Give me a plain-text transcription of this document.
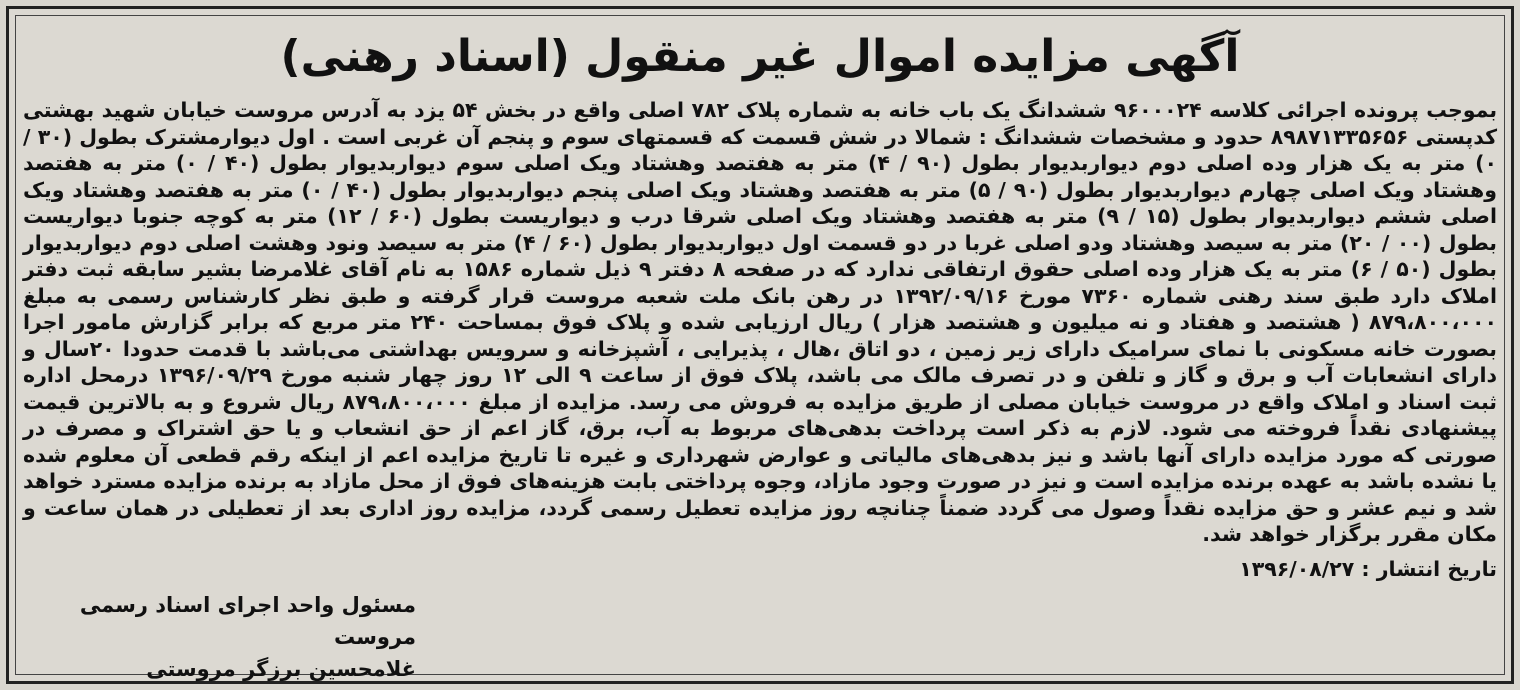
آگهی مزایده اموال غیر منقول (اسناد رهنی)
بموجب پرونده اجرائی کلاسه ۹۶۰۰۰۲۴ ششدانگ یک باب خانه به شماره پلاک ۷۸۲ اصلی واقع در بخش ۵۴ یزد به آدرس مروست خیابان شهید بهشتی کدپستی ۸۹۸۷۱۳۳۵۶۵۶ حدود و مشخصات ششدانگ : شمالا در شش قسمت که قسمتهای سوم و پنجم آن غربی است . اول دیوارمشترک بطول (۳۰ / ۰) متر به یک هزار وده اصلی دوم دیواربدیوار بطول (۹۰ / ۴) متر به هفتصد وهشتاد ویک اصلی سوم دیواربدیوار بطول (۴۰ / ۰) متر به هفتصد وهشتاد ویک اصلی چهارم دیواربدیوار بطول (۹۰ / ۵) متر به هفتصد وهشتاد ویک اصلی پنجم دیواربدیوار بطول (۴۰ / ۰) متر به هفتصد وهشتاد ویک اصلی ششم دیواربدیوار بطول (۱۵ / ۹) متر به هفتصد وهشتاد ویک اصلی شرقا درب و دیواریست بطول (۶۰ / ۱۲) متر به کوچه جنوبا دیواریست بطول (۰۰ / ۲۰) متر به سیصد وهشتاد ودو اصلی غربا در دو قسمت اول دیواربدیوار بطول (۶۰ / ۴) متر به سیصد ونود وهشت اصلی دوم دیواربدیوار بطول (۵۰ / ۶) متر به یک هزار وده اصلی حقوق ارتفاقی ندارد که در صفحه ۸ دفتر ۹ ذیل شماره ۱۵۸۶ به نام آقای غلامرضا بشیر سابقه ثبت دفتر املاک دارد طبق سند رهنی شماره ۷۳۶۰ مورخ ۱۳۹۲/۰۹/۱۶ در رهن بانک ملت شعبه مروست قرار گرفته و طبق نظر کارشناس رسمی به مبلغ ۸۷۹،۸۰۰،۰۰۰ ( هشتصد و هفتاد و نه میلیون و هشتصد هزار ) ریال ارزیابی شده و پلاک فوق بمساحت ۲۴۰ متر مربع که برابر گزارش مامور اجرا بصورت خانه مسکونی با نمای سرامیک دارای زیر زمین ، دو اتاق ،هال ، پذیرایی ، آشپزخانه و سرویس بهداشتی می‌باشد با قدمت حدودا ۲۰سال و دارای انشعابات آب و برق و گاز و تلفن و در تصرف مالک می باشد، پلاک فوق از ساعت ۹ الی ۱۲ روز چهار شنبه مورخ ۱۳۹۶/۰۹/۲۹ درمحل اداره ثبت اسناد و املاک واقع در مروست خیابان مصلی از طریق مزایده به فروش می رسد. مزایده از مبلغ ۸۷۹،۸۰۰،۰۰۰ ریال شروع و به بالاترین قیمت پیشنهادی نقداً فروخته می شود. لازم به ذکر است پرداخت بدهی‌های مربوط به آب، برق، گاز اعم از حق انشعاب و یا حق اشتراک و مصرف در صورتی که مورد مزایده دارای آنها باشد و نیز بدهی‌های مالیاتی و عوارض شهرداری و غیره تا تاریخ مزایده اعم از اینکه رقم قطعی آن معلوم شده یا نشده باشد به عهده برنده مزایده است و نیز در صورت وجود مازاد، وجوه پرداختی بابت هزینه‌های فوق از محل مازاد به برنده مزایده مسترد خواهد شد و نیم عشر و حق مزایده نقداً وصول می گردد ضمناً چنانچه روز مزایده تعطیل رسمی گردد، مزایده روز اداری بعد از تعطیلی در همان ساعت و مکان مقرر برگزار خواهد شد.
تاریخ انتشار : ۱۳۹۶/۰۸/۲۷
مسئول واحد اجرای اسناد رسمی مروست
غلامحسین برزگر مروستی
